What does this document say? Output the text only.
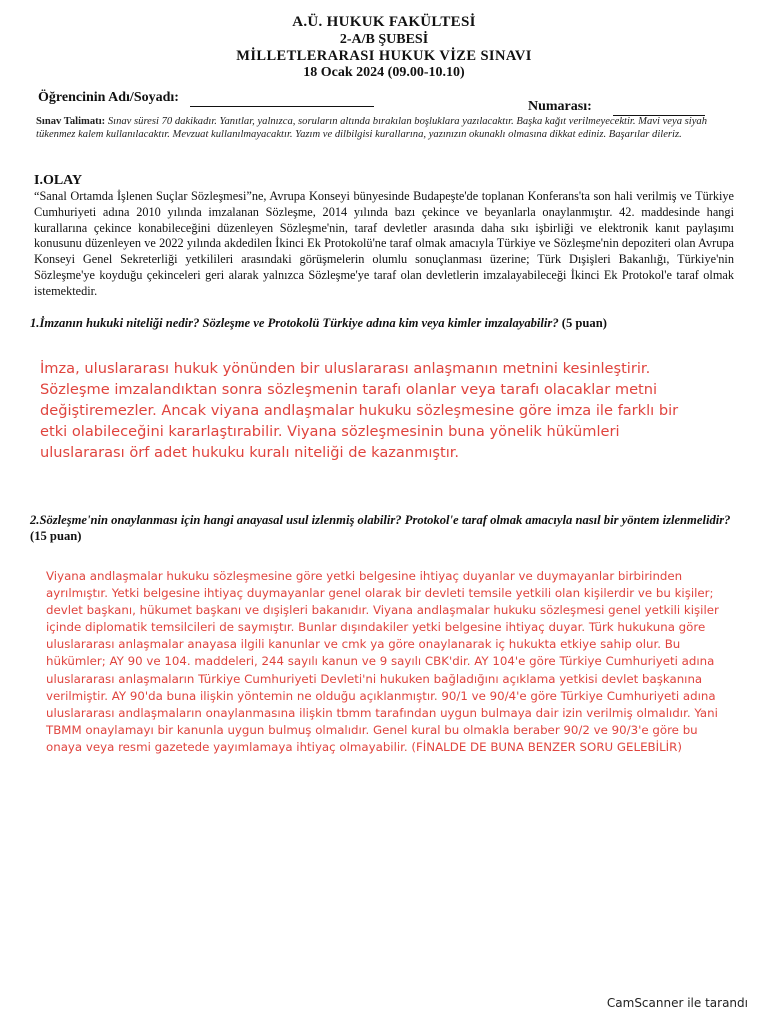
A.Ü. HUKUK FAKÜLTESİ
2-A/B ŞUBESİ
MİLLETLERARASI HUKUK VİZE SINAVI
18 Ocak 2024 (09.00-10.10)
Öğrencinin Adı/Soyadı:
Numarası:
Sınav Talimatı: Sınav süresi 70 dakikadır. Yanıtlar, yalnızca, soruların altında bırakılan boşluklara yazılacaktır. Başka kağıt verilmeyecektir. Mavi veya siyah tükenmez kalem kullanılacaktır. Mevzuat kullanılmayacaktır. Yazım ve dilbilgisi kurallarına, yazınızın okunaklı olmasına dikkat ediniz. Başarılar dileriz.
I.OLAY
“Sanal Ortamda İşlenen Suçlar Sözleşmesi”ne, Avrupa Konseyi bünyesinde Budapeşte'de toplanan Konferans'ta son hali verilmiş ve Türkiye Cumhuriyeti adına 2010 yılında imzalanan Sözleşme, 2014 yılında bazı çekince ve beyanlarla onaylanmıştır. 42. maddesinde hangi kurallarına çekince konabileceğini düzenleyen Sözleşme'nin, taraf devletler arasında daha sıkı işbirliği ve elektronik kanıt paylaşımı konusunu düzenleyen ve 2022 yılında akdedilen İkinci Ek Protokolü'ne taraf olmak amacıyla Türkiye ve Sözleşme'nin depoziteri olan Avrupa Konseyi Genel Sekreterliği yetkilileri arasındaki görüşmelerin olumlu sonuçlanması üzerine; Türk Dışişleri Bakanlığı, Türkiye'nin Sözleşme'ye koyduğu çekinceleri geri alarak yalnızca Sözleşme'ye taraf olan devletlerin imzalayabileceği İkinci Ek Protokol'e taraf olmak istemektedir.
1.İmzanın hukuki niteliği nedir? Sözleşme ve Protokolü Türkiye adına kim veya kimler imzalayabilir? (5 puan)
İmza, uluslararası hukuk yönünden bir uluslararası anlaşmanın metnini kesinleştirir. Sözleşme imzalandıktan sonra sözleşmenin tarafı olanlar veya tarafı olacaklar metni değiştiremezler. Ancak viyana andlaşmalar hukuku sözleşmesine göre imza ile farklı bir etki olabileceğini kararlaştırabilir. Viyana sözleşmesinin buna yönelik hükümleri uluslararası örf adet hukuku kuralı niteliği de kazanmıştır.
2.Sözleşme'nin onaylanması için hangi anayasal usul izlenmiş olabilir? Protokol'e taraf olmak amacıyla nasıl bir yöntem izlenmelidir? (15 puan)
Viyana andlaşmalar hukuku sözleşmesine göre yetki belgesine ihtiyaç duyanlar ve duymayanlar birbirinden ayrılmıştır. Yetki belgesine ihtiyaç duymayanlar genel olarak bir devleti temsile yetkili olan kişilerdir ve bu kişiler; devlet başkanı, hükumet başkanı ve dışişleri bakanıdır. Viyana andlaşmalar hukuku sözleşmesi genel yetkili kişiler içinde diplomatik temsilcileri de saymıştır. Bunlar dışındakiler yetki belgesine ihtiyaç duyar. Türk hukukuna göre uluslararası anlaşmalar anayasa ilgili kanunlar ve cmk ya göre onaylanarak iç hukukta etkiye sahip olur. Bu hükümler; AY 90 ve 104. maddeleri, 244 sayılı kanun ve 9 sayılı CBK'dir. AY 104'e göre Türkiye Cumhuriyeti adına uluslararası anlaşmaların Türkiye Cumhuriyeti Devleti'ni hukuken bağladığını açıklama yetkisi devlet başkanına verilmiştir. AY 90'da buna ilişkin yöntemin ne olduğu açıklanmıştır. 90/1 ve 90/4'e göre Türkiye Cumhuriyeti adına uluslararası andlaşmaların onaylanmasına ilişkin tbmm tarafından uygun bulmaya dair izin verilmiş olmalıdır. Yani TBMM onaylamayı bir kanunla uygun bulmuş olmalıdır. Genel kural bu olmakla beraber 90/2 ve 90/3'e göre bu onaya veya resmi gazetede yayımlamaya ihtiyaç olmayabilir. (FİNALDE DE BUNA BENZER SORU GELEBİLİR)
CamScanner ile tarandı
